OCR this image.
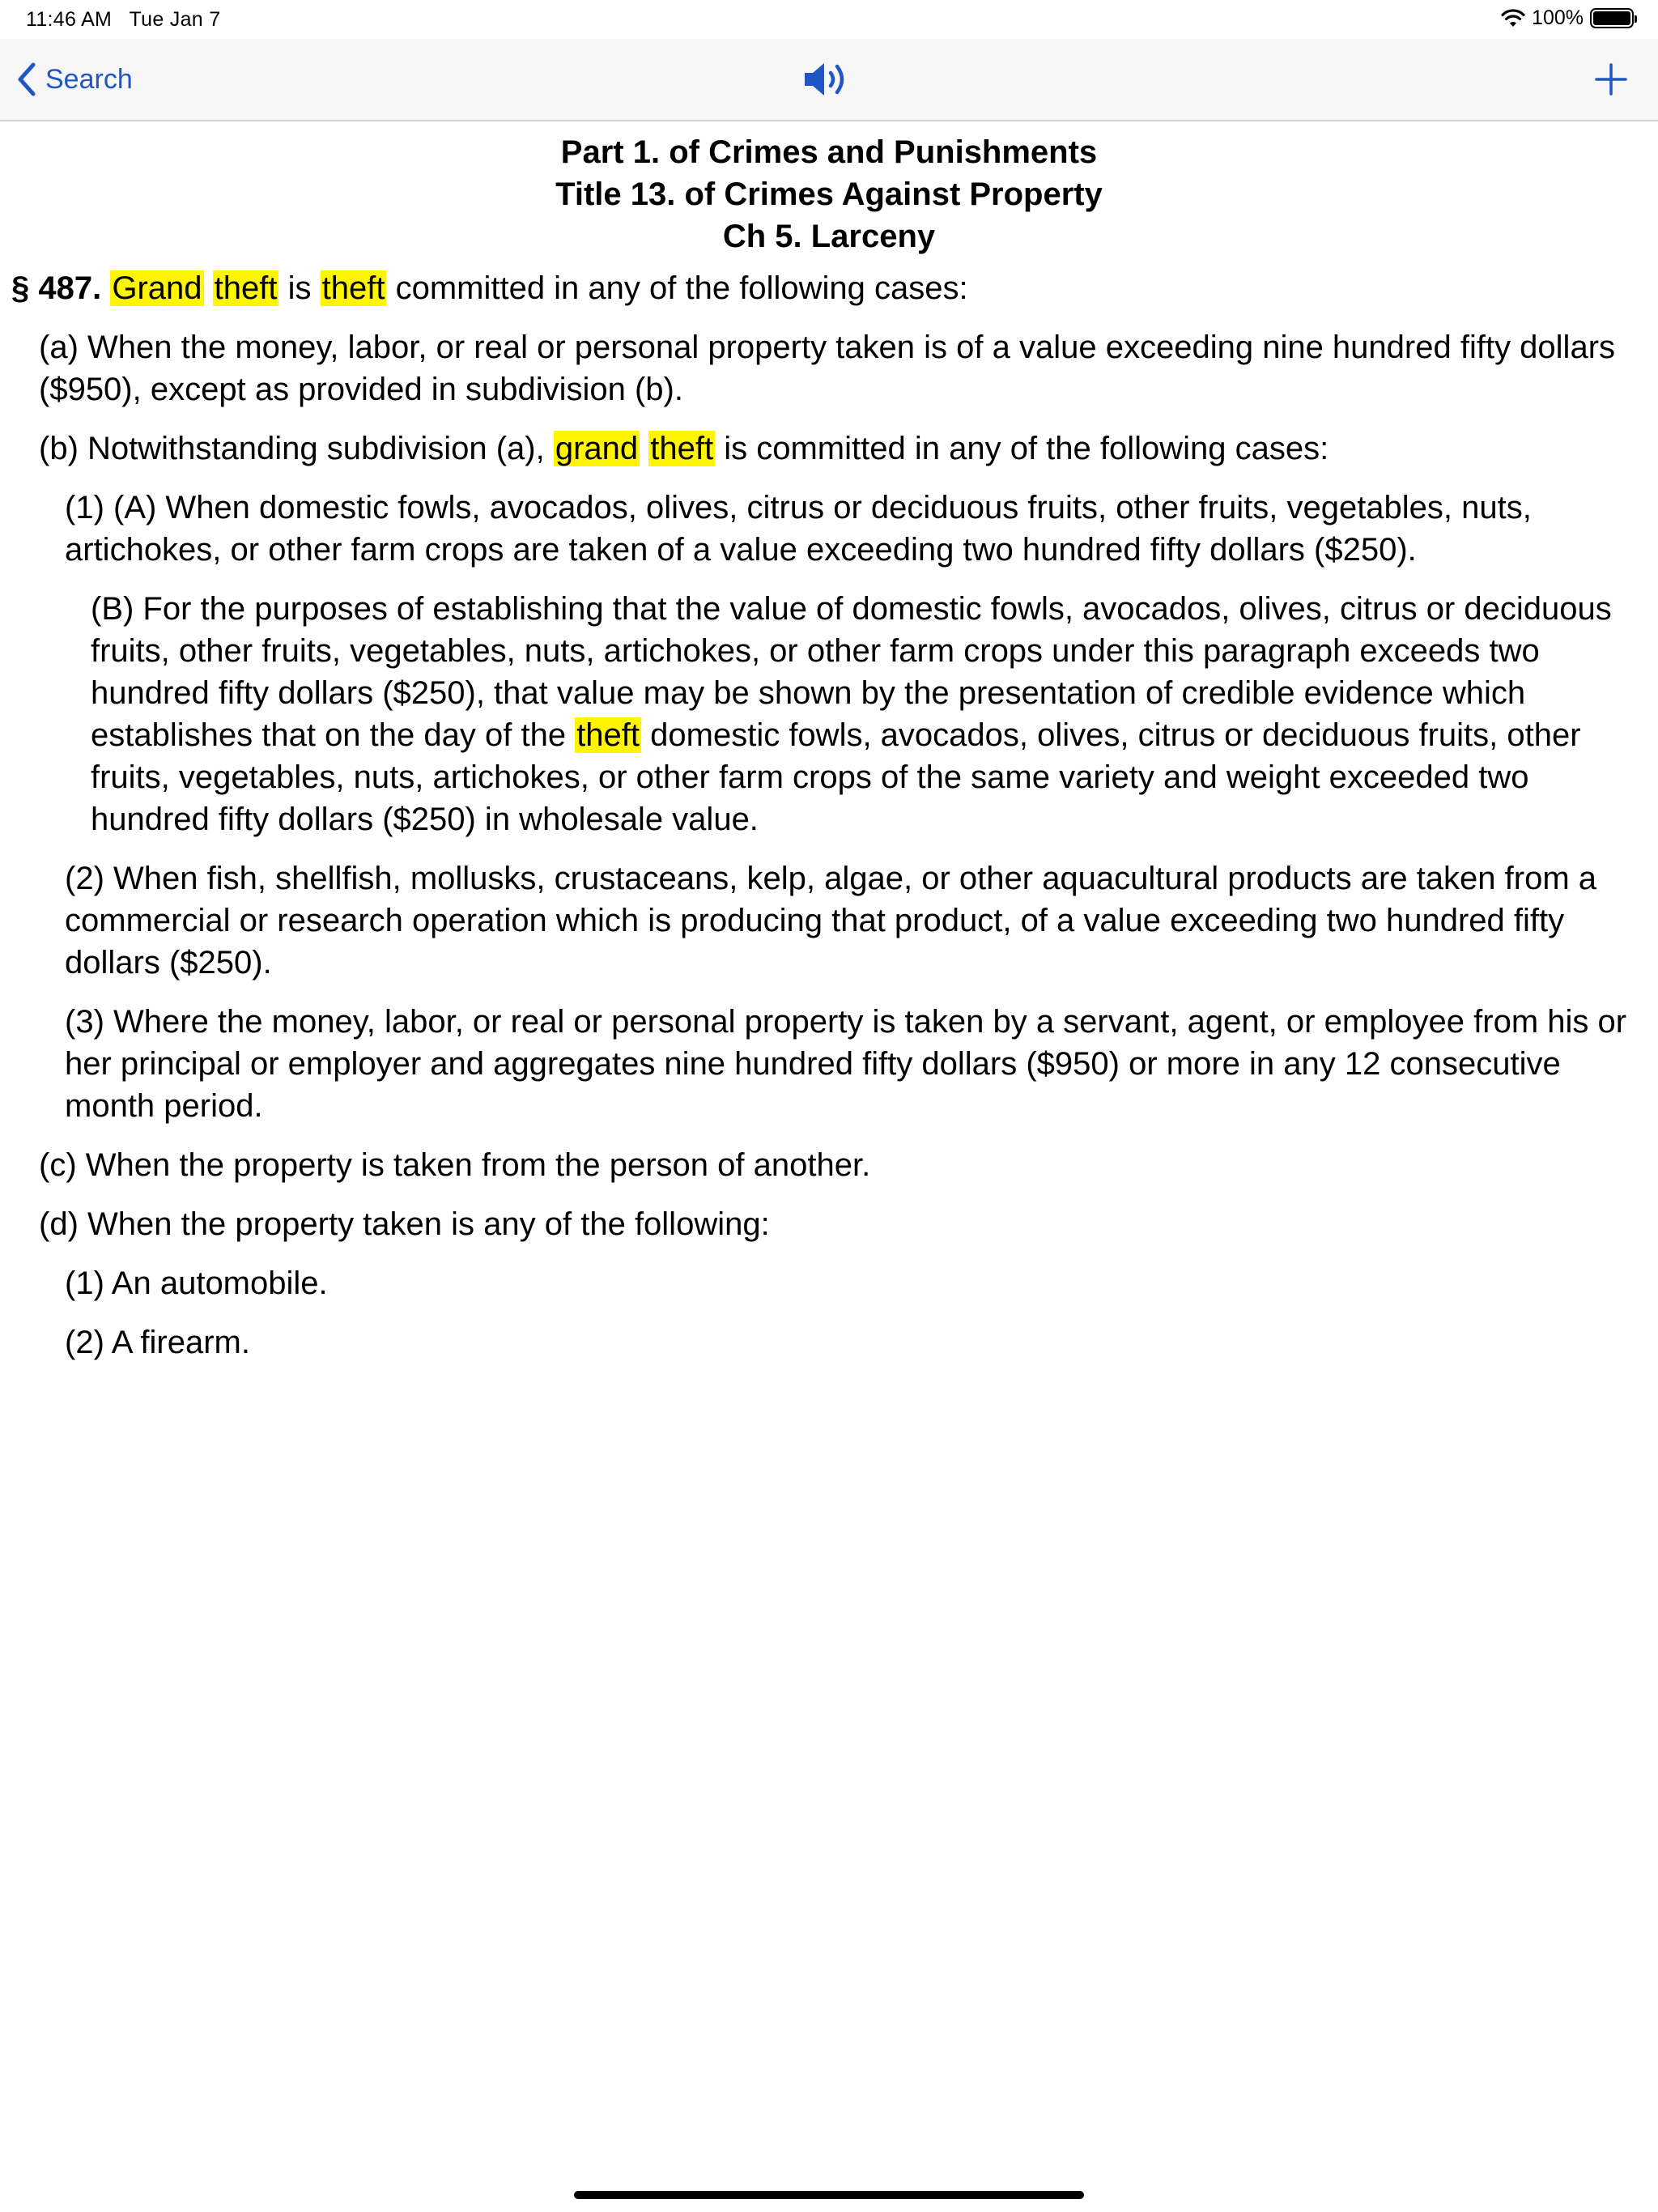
11:46 AM Tue Jan 7	100%
Search
Part 1. of Crimes and Punishments
Title 13. of Crimes Against Property
Ch 5. Larceny
§ 487. Grand theft is theft committed in any of the following cases:
(a) When the money, labor, or real or personal property taken is of a value exceeding nine hundred fifty dollars ($950), except as provided in subdivision (b).
(b) Notwithstanding subdivision (a), grand theft is committed in any of the following cases:
(1) (A) When domestic fowls, avocados, olives, citrus or deciduous fruits, other fruits, vegetables, nuts, artichokes, or other farm crops are taken of a value exceeding two hundred fifty dollars ($250).
(B) For the purposes of establishing that the value of domestic fowls, avocados, olives, citrus or deciduous fruits, other fruits, vegetables, nuts, artichokes, or other farm crops under this paragraph exceeds two hundred fifty dollars ($250), that value may be shown by the presentation of credible evidence which establishes that on the day of the theft domestic fowls, avocados, olives, citrus or deciduous fruits, other fruits, vegetables, nuts, artichokes, or other farm crops of the same variety and weight exceeded two hundred fifty dollars ($250) in wholesale value.
(2) When fish, shellfish, mollusks, crustaceans, kelp, algae, or other aquacultural products are taken from a commercial or research operation which is producing that product, of a value exceeding two hundred fifty dollars ($250).
(3) Where the money, labor, or real or personal property is taken by a servant, agent, or employee from his or her principal or employer and aggregates nine hundred fifty dollars ($950) or more in any 12 consecutive month period.
(c) When the property is taken from the person of another.
(d) When the property taken is any of the following:
(1) An automobile.
(2) A firearm.
